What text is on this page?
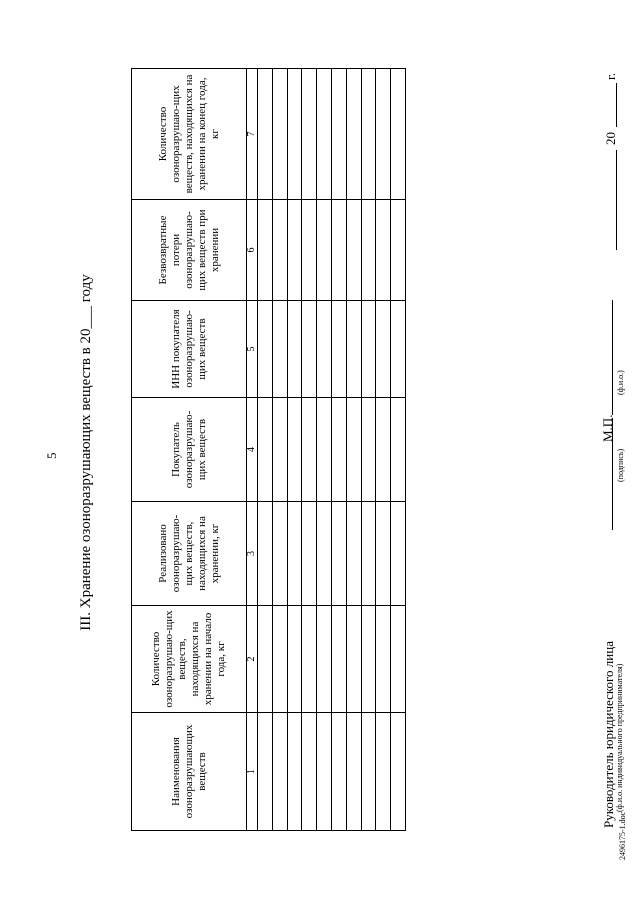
5 III. Хранение озоноразрушающих веществ в 20___ году
Наименования озоноразрушающих веществ	Количество озоноразрушаю-щих веществ, находящихся на хранении на начало года, кг	Реализовано озоноразрушаю-щих веществ, находящихся на хранении, кг	Покупатель озоноразрушаю-щих веществ	ИНН покупателя озоноразрушаю-щих веществ	Безвозвратные потери озоноразрушаю-щих веществ при хранении	Количество озоноразрушаю-щих веществ, находящихся на хранении на конец года, кг
1	2	3	4	5	6	7

Руководитель юридического лица (ф.и.о. индивидуального предпринимателя)
(подпись)
(ф.и.о.)
М.П.
20
г.
2496175-1.doc
